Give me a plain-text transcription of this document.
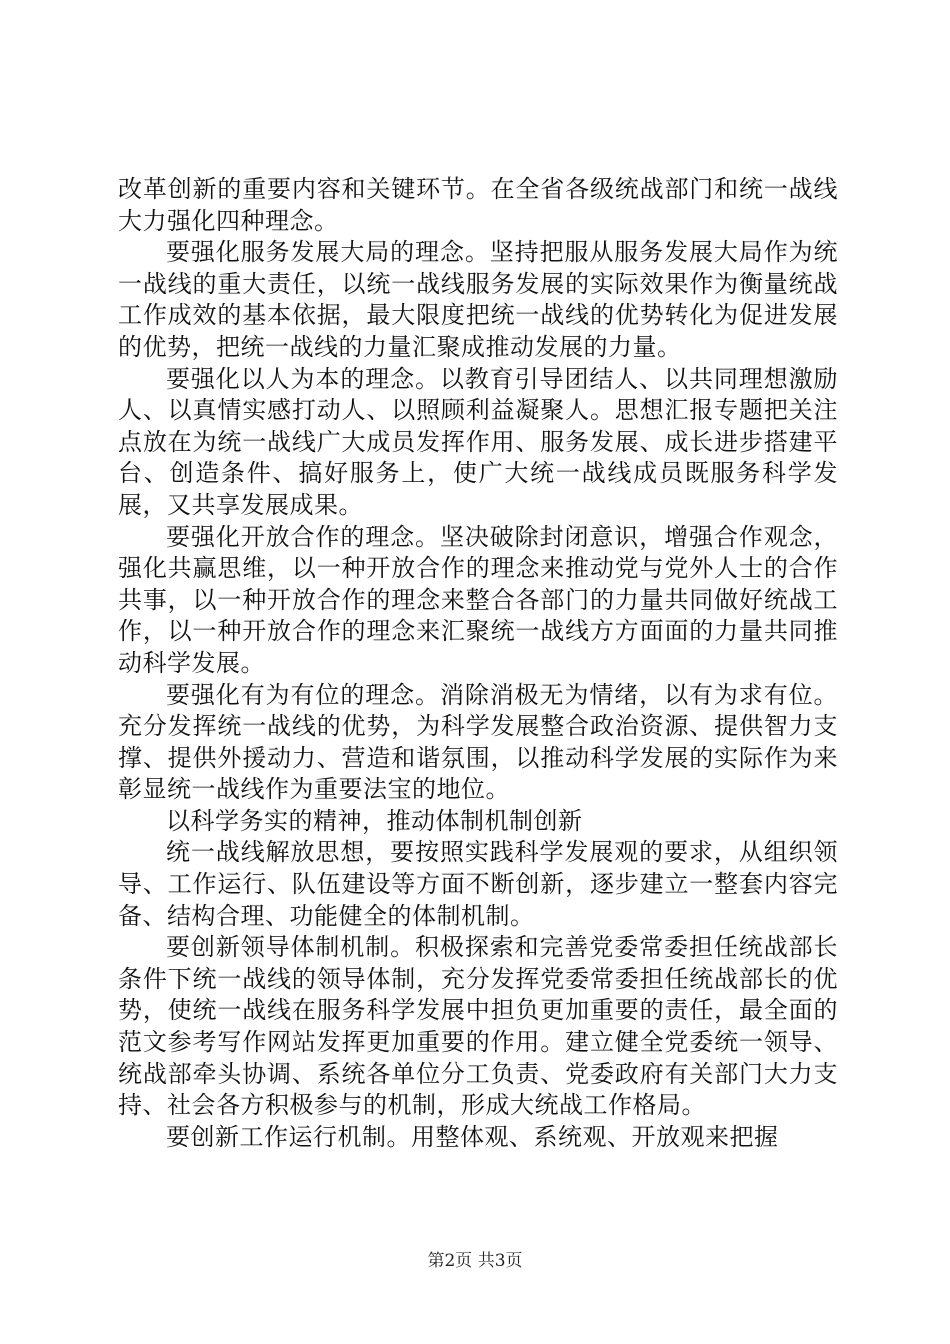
改革创新的重要内容和关键环节。在全省各级统战部门和统一战线大力强化四种理念。

要强化服务发展大局的理念。坚持把服从服务发展大局作为统一战线的重大责任，以统一战线服务发展的实际效果作为衡量统战工作成效的基本依据，最大限度把统一战线的优势转化为促进发展的优势，把统一战线的力量汇聚成推动发展的力量。

要强化以人为本的理念。以教育引导团结人、以共同理想激励人、以真情实感打动人、以照顾利益凝聚人。思想汇报专题把关注点放在为统一战线广大成员发挥作用、服务发展、成长进步搭建平台、创造条件、搞好服务上，使广大统一战线成员既服务科学发展，又共享发展成果。

要强化开放合作的理念。坚决破除封闭意识，增强合作观念，强化共赢思维，以一种开放合作的理念来推动党与党外人士的合作共事，以一种开放合作的理念来整合各部门的力量共同做好统战工作，以一种开放合作的理念来汇聚统一战线方方面面的力量共同推动科学发展。

要强化有为有位的理念。消除消极无为情绪，以有为求有位。充分发挥统一战线的优势，为科学发展整合政治资源、提供智力支撑、提供外援动力、营造和谐氛围，以推动科学发展的实际作为来彰显统一战线作为重要法宝的地位。

以科学务实的精神，推动体制机制创新

统一战线解放思想，要按照实践科学发展观的要求，从组织领导、工作运行、队伍建设等方面不断创新，逐步建立一整套内容完备、结构合理、功能健全的体制机制。

要创新领导体制机制。积极探索和完善党委常委担任统战部长条件下统一战线的领导体制，充分发挥党委常委担任统战部长的优势，使统一战线在服务科学发展中担负更加重要的责任，最全面的范文参考写作网站发挥更加重要的作用。建立健全党委统一领导、统战部牵头协调、系统各单位分工负责、党委政府有关部门大力支持、社会各方积极参与的机制，形成大统战工作格局。

要创新工作运行机制。用整体观、系统观、开放观来把握

第2页 共3页
